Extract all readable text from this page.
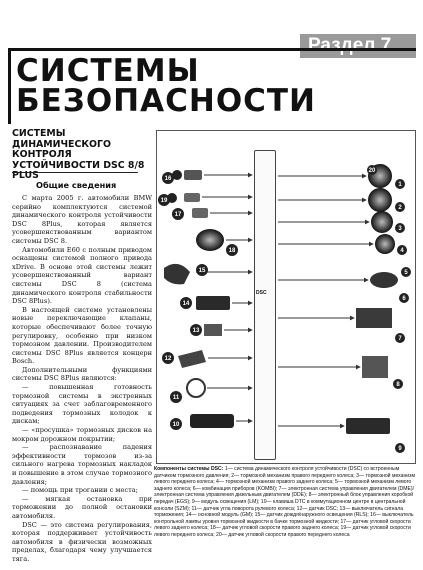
Раздел 7
СИСТЕМЫ
БЕЗОПАСНОСТИ
СИСТЕМЫ ДИНАМИЧЕСКОГО КОНТРОЛЯ УСТОЙЧИВОСТИ DSC 8/8 PLUS
Общие сведения

С марта 2005 г. автомобили BMW серийно комплектуются системой динамического контроля устойчивости DSC 8Plus, которая является усовершенствованным вариантом системы DSC 8.

Автомобили E60 с полным приводом оснащены системой полного привода xDrive. В основе этой системы лежит усовершенствованный вариант системы DSC 8 (система динамического контроля стабильности DSC 8Plus).

В настоящей системе установлены новые переключающие клапаны, которые обеспечивают более точную регулировку, особенно при низком тормозном давлении. Производителем системы DSC 8Plus является концерн Bosch.

Дополнительными функциями системы DSC 8Plus являются:

— повышенная готовность тормозной системы в экстренных ситуациях за счет заблаговременного подведения тормозных колодок к дискам;

— «просушка» тормозных дисков на мокром дорожном покрытии;

— распознавание падения эффективности тормозов из-за сильного нагрева тормозных накладок и повышение в этом случае тормозного давления;

— помощь при трогании с места;

— мягкая остановка при торможении до полной остановки автомобиля.

DSC — это система регулирования, которая поддерживает устойчивость автомобиля в физически возможных пределах, благодаря чему улучшается тяга.

DSC
16
19
17
18
15
14
13
12
11
10
1
2
3
4
5
6
7
8
9
20
Компоненты системы DSC: 1— система динамического контроля устойчивости (DSC) со встроенным датчиком тормозного давления; 2— тормозной механизм правого переднего колеса; 3— тормозной механизм левого переднего колеса; 4— тормозной механизм правого заднего колеса; 5— тормозной механизм левого заднего колеса; 6— комбинация приборов (KOMBI); 7— электронная система управления двигателем (DME)/ электронная система управления дизельным двигателем (DDE); 8— электронный блок управления коробкой передач (EGS); 9— модуль освещения (LM); 10— клавиша DTC в коммутационном центре в центральной консоли (SZM); 11— датчик угла поворота рулевого колеса; 12— датчик DSC; 13— выключатель сигнала торможения; 14— основной модуль (GM); 15— датчик дождя/наружного освещения (RLS); 16— выключатель контрольной лампы уровня тормозной жидкости в бачке тормозной жидкости; 17— датчик угловой скорости левого заднего колеса; 18— датчик угловой скорости правого заднего колеса; 19— датчик угловой скорости левого переднего колеса; 20— датчик угловой скорости правого переднего колеса
